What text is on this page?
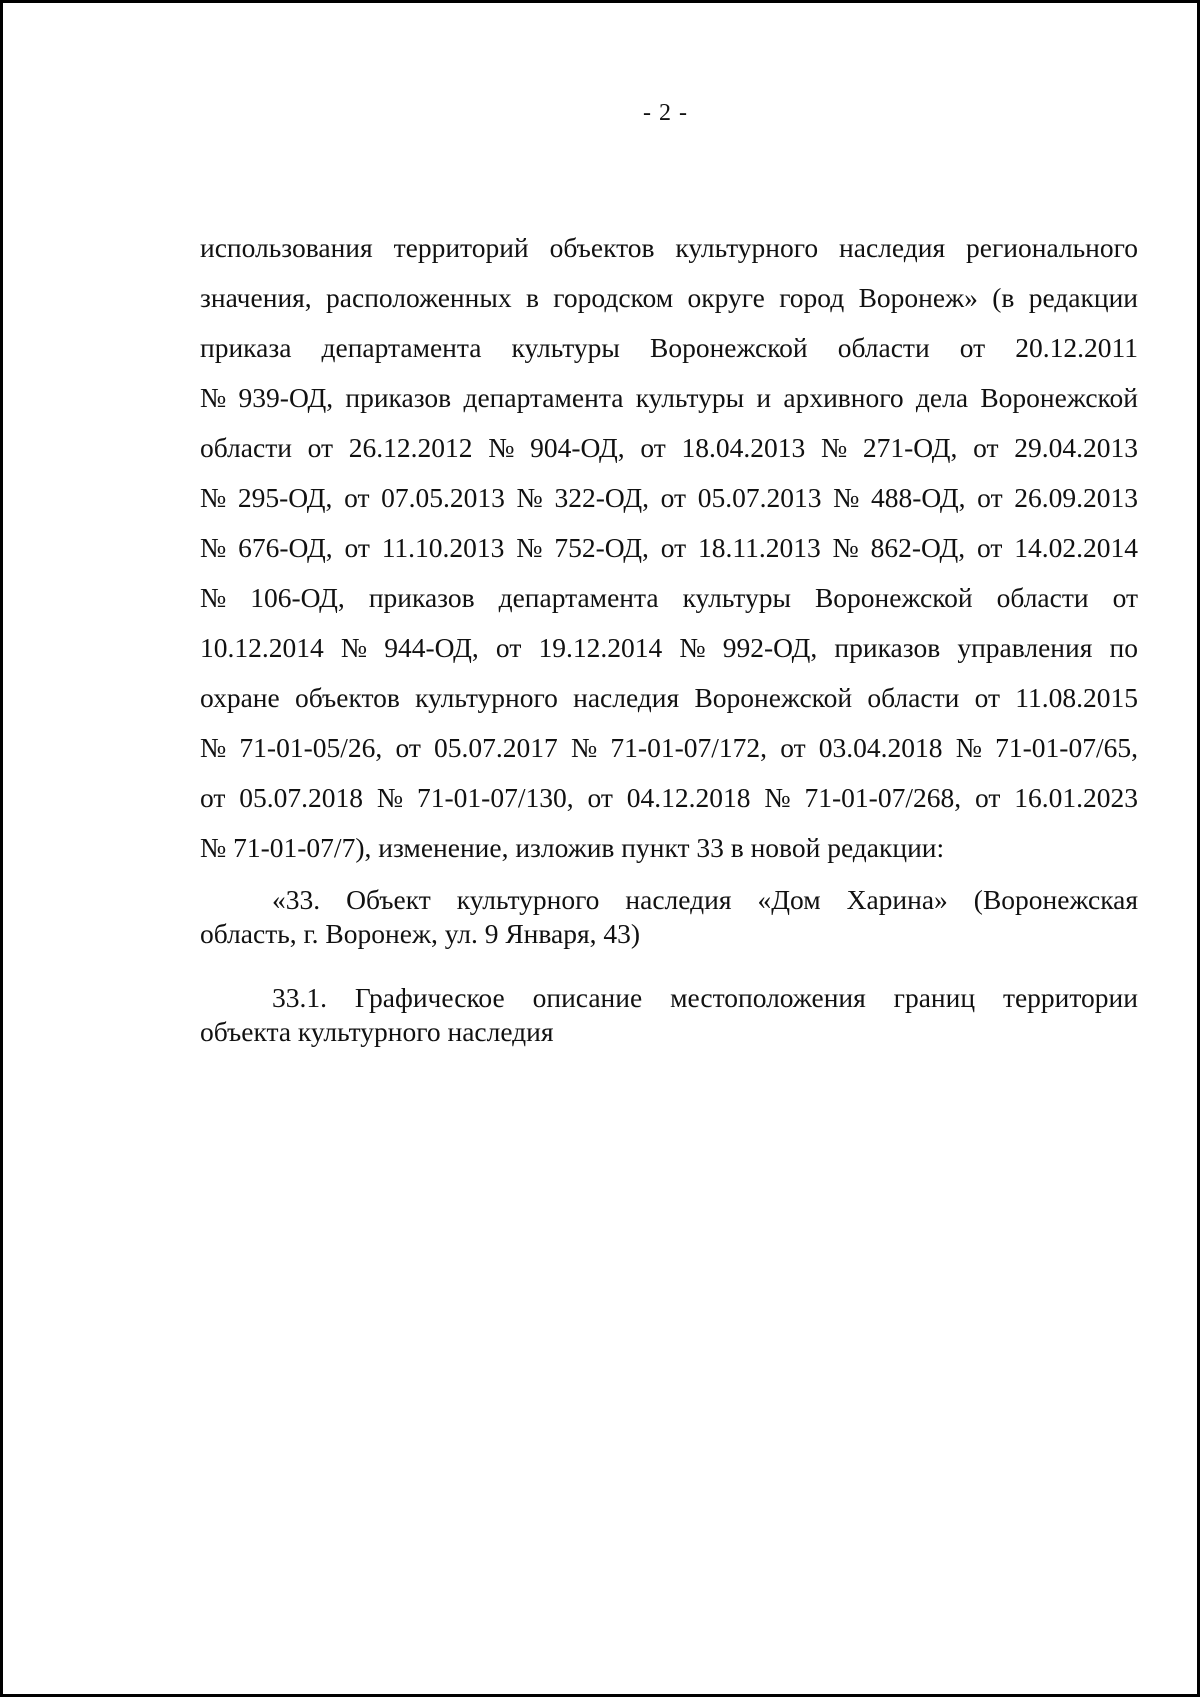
- 2 -
использования территорий объектов культурного наследия регионального
значения, расположенных в городском округе город Воронеж» (в редакции
приказа департамента культуры Воронежской области от 20.12.2011
№ 939-ОД, приказов департамента культуры и архивного дела Воронежской
области от 26.12.2012 № 904-ОД, от 18.04.2013 № 271-ОД, от 29.04.2013
№ 295-ОД, от 07.05.2013 № 322-ОД, от 05.07.2013 № 488-ОД, от 26.09.2013
№ 676-ОД, от 11.10.2013 № 752-ОД, от 18.11.2013 № 862-ОД, от 14.02.2014
№ 106-ОД, приказов департамента культуры Воронежской области от
10.12.2014 № 944-ОД, от 19.12.2014 № 992-ОД, приказов управления по
охране объектов культурного наследия Воронежской области от 11.08.2015
№ 71-01-05/26, от 05.07.2017 № 71-01-07/172, от 03.04.2018 № 71-01-07/65,
от 05.07.2018 № 71-01-07/130, от 04.12.2018 № 71-01-07/268, от 16.01.2023
№ 71-01-07/7), изменение, изложив пункт 33 в новой редакции:
«33. Объект культурного наследия «Дом Харина» (Воронежская
область, г. Воронеж, ул. 9 Января, 43)
33.1. Графическое описание местоположения границ территории
объекта культурного наследия
